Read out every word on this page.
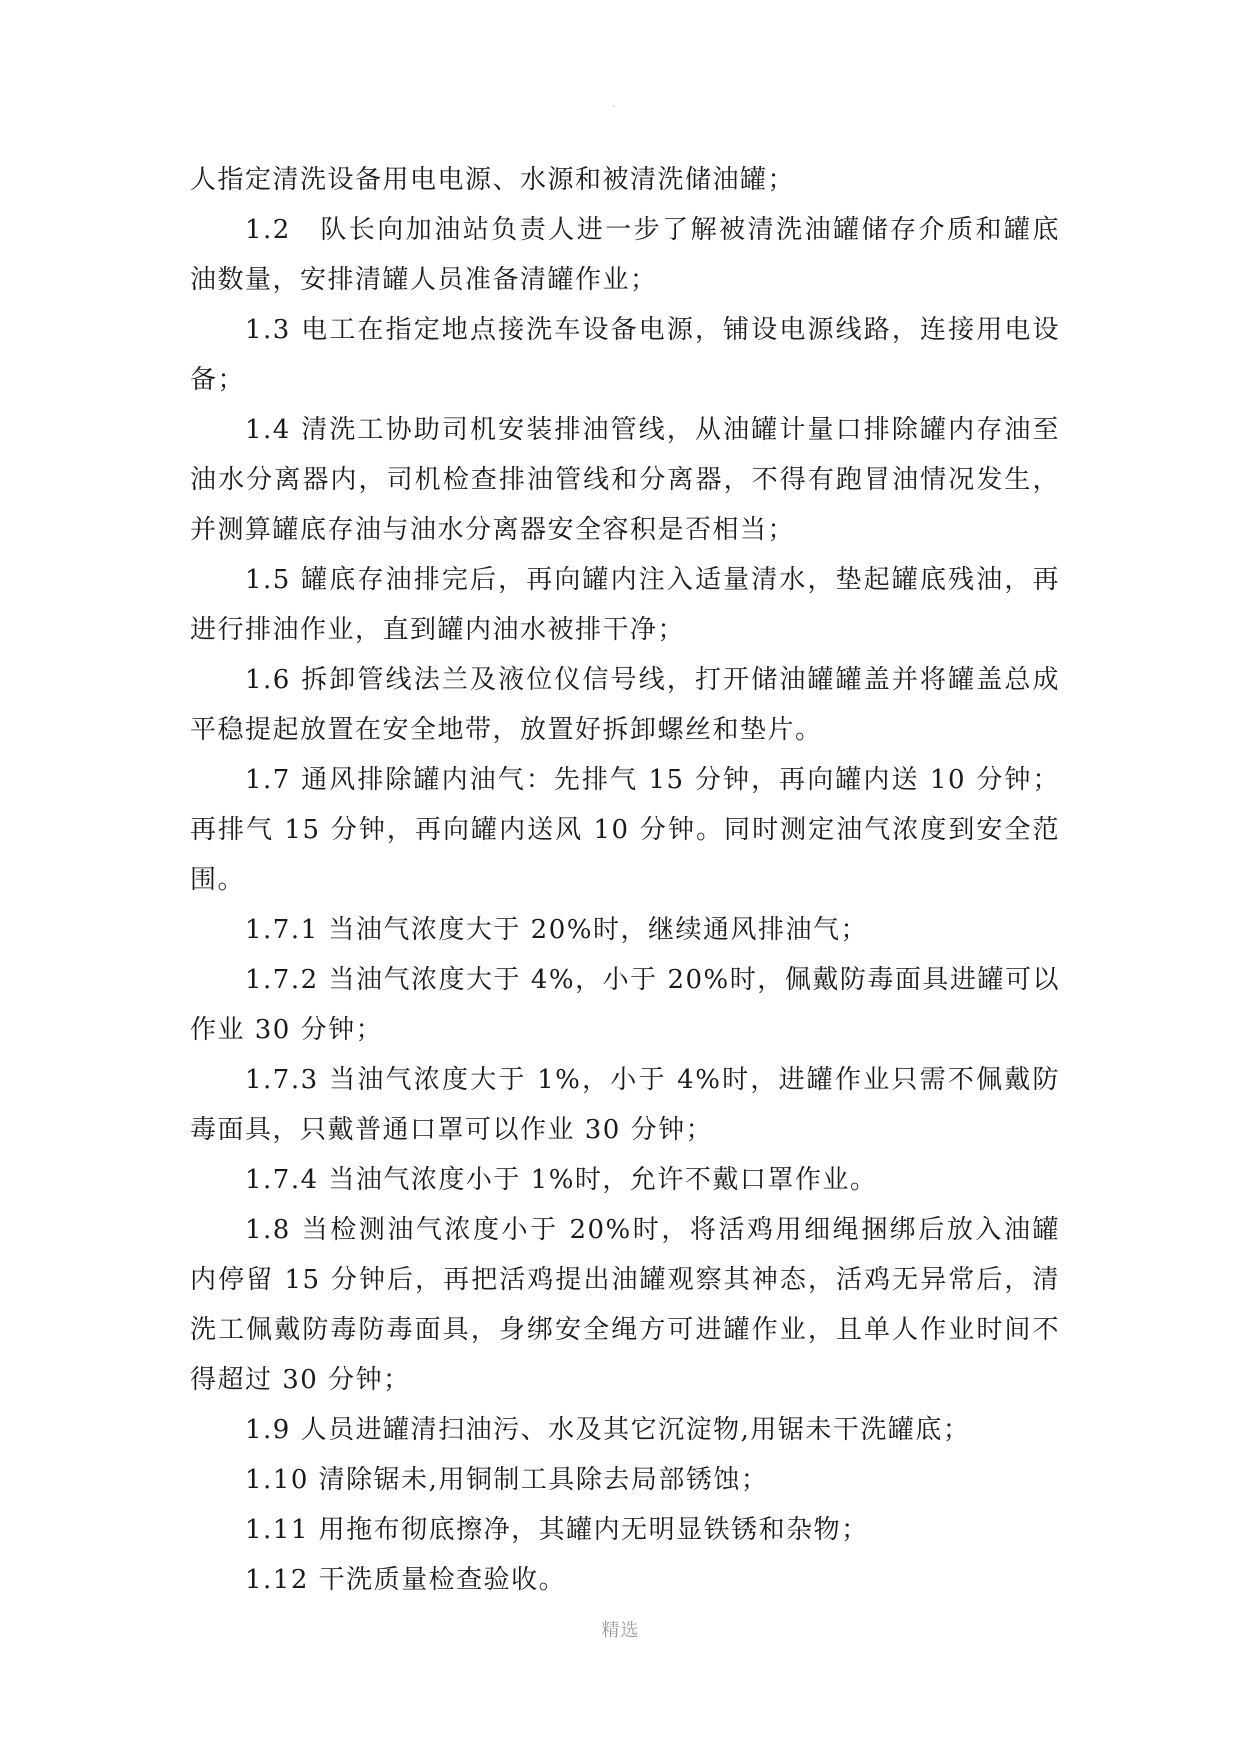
.

人指定清洗设备用电电源、水源和被清洗储油罐；

1.2　队长向加油站负责人进一步了解被清洗油罐储存介质和罐底油数量，安排清罐人员准备清罐作业；

1.3 电工在指定地点接洗车设备电源，铺设电源线路，连接用电设备；

1.4 清洗工协助司机安装排油管线，从油罐计量口排除罐内存油至油水分离器内，司机检查排油管线和分离器，不得有跑冒油情况发生，并测算罐底存油与油水分离器安全容积是否相当；

1.5 罐底存油排完后，再向罐内注入适量清水，垫起罐底残油，再进行排油作业，直到罐内油水被排干净；

1.6 拆卸管线法兰及液位仪信号线，打开储油罐罐盖并将罐盖总成平稳提起放置在安全地带，放置好拆卸螺丝和垫片。

1.7 通风排除罐内油气：先排气 15 分钟，再向罐内送 10 分钟；再排气 15 分钟，再向罐内送风 10 分钟。同时测定油气浓度到安全范围。

1.7.1 当油气浓度大于 20%时，继续通风排油气；

1.7.2 当油气浓度大于 4%，小于 20%时，佩戴防毒面具进罐可以作业 30 分钟；

1.7.3 当油气浓度大于 1%，小于 4%时，进罐作业只需不佩戴防毒面具，只戴普通口罩可以作业 30 分钟；

1.7.4 当油气浓度小于 1%时，允许不戴口罩作业。

1.8 当检测油气浓度小于 20%时，将活鸡用细绳捆绑后放入油罐内停留 15 分钟后，再把活鸡提出油罐观察其神态，活鸡无异常后，清洗工佩戴防毒防毒面具，身绑安全绳方可进罐作业，且单人作业时间不得超过 30 分钟；

1.9 人员进罐清扫油污、水及其它沉淀物,用锯未干洗罐底；

1.10 清除锯未,用铜制工具除去局部锈蚀；

1.11 用拖布彻底擦净，其罐内无明显铁锈和杂物；

1.12 干洗质量检查验收。

精选
